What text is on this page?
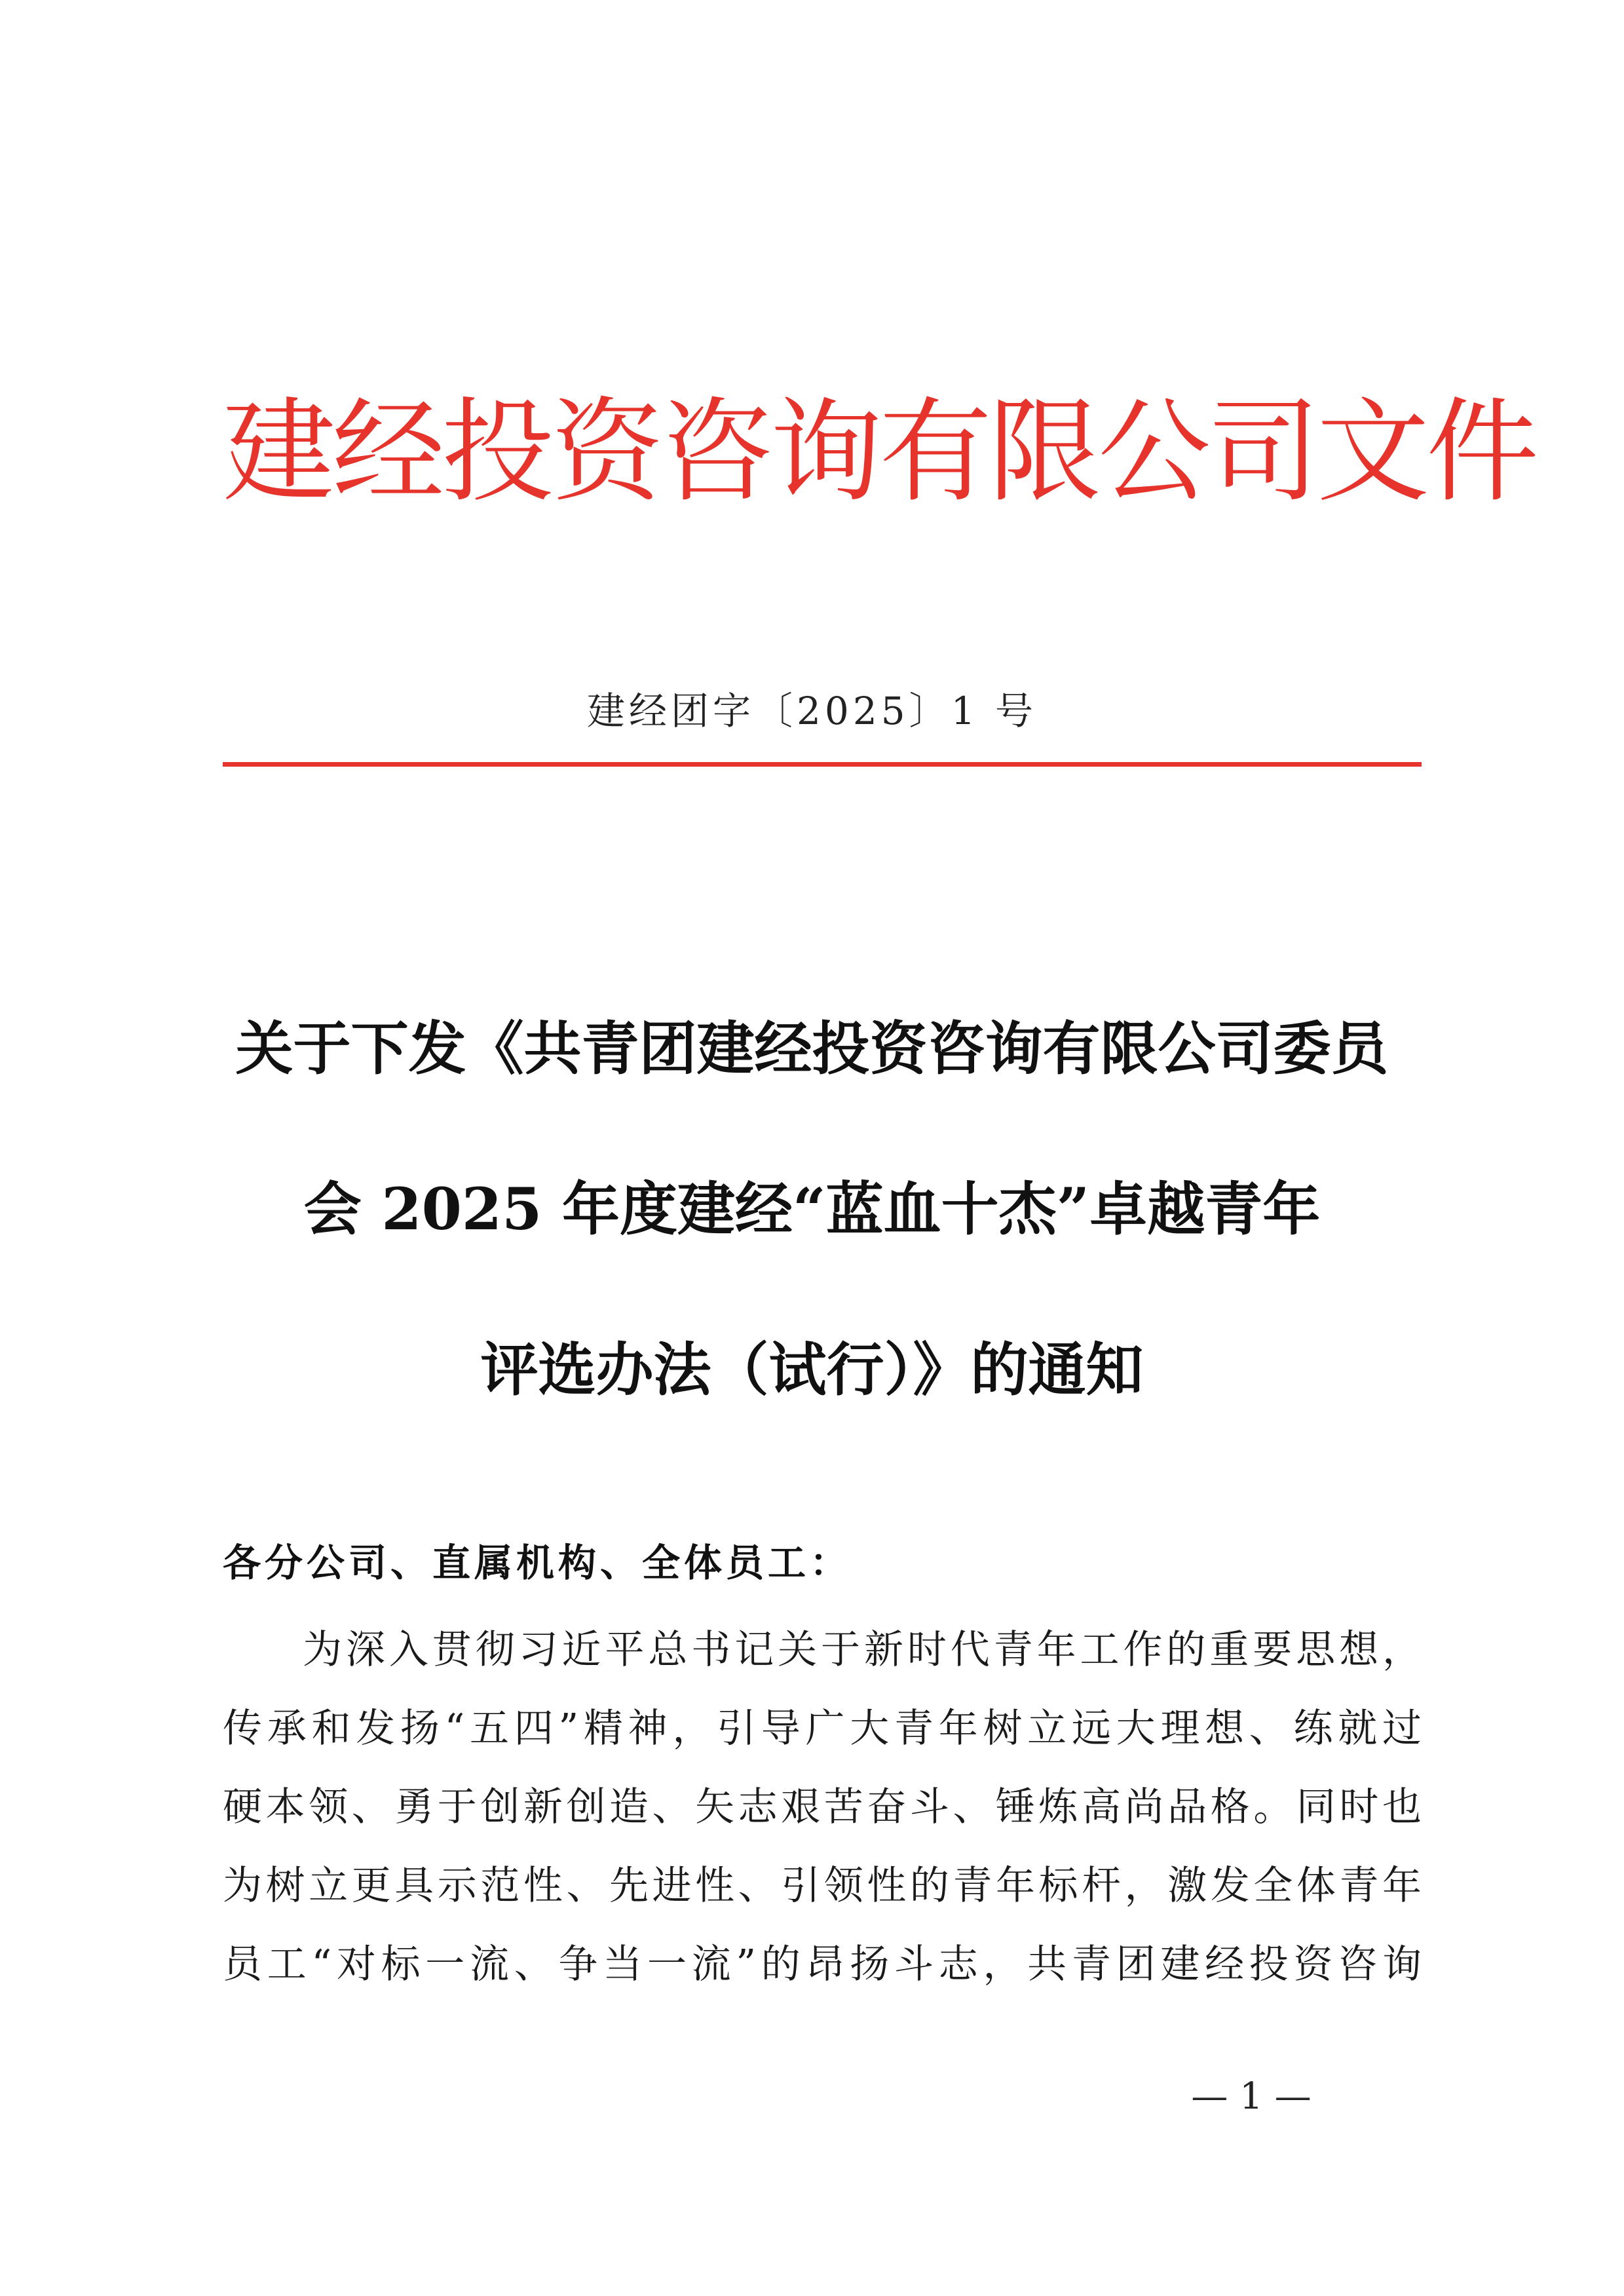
建经投资咨询有限公司文件
建经团字〔2025〕1 号
关于下发《共青团建经投资咨询有限公司委员
会 2025 年度建经“蓝血十杰”卓越青年
评选办法（试行）》的通知
各分公司、直属机构、全体员工：
为深入贯彻习近平总书记关于新时代青年工作的重要思想，
传承和发扬“五四”精神，引导广大青年树立远大理想、练就过
硬本领、勇于创新创造、矢志艰苦奋斗、锤炼高尚品格。同时也
为树立更具示范性、先进性、引领性的青年标杆，激发全体青年
员工“对标一流、争当一流”的昂扬斗志，共青团建经投资咨询
— 1 —
